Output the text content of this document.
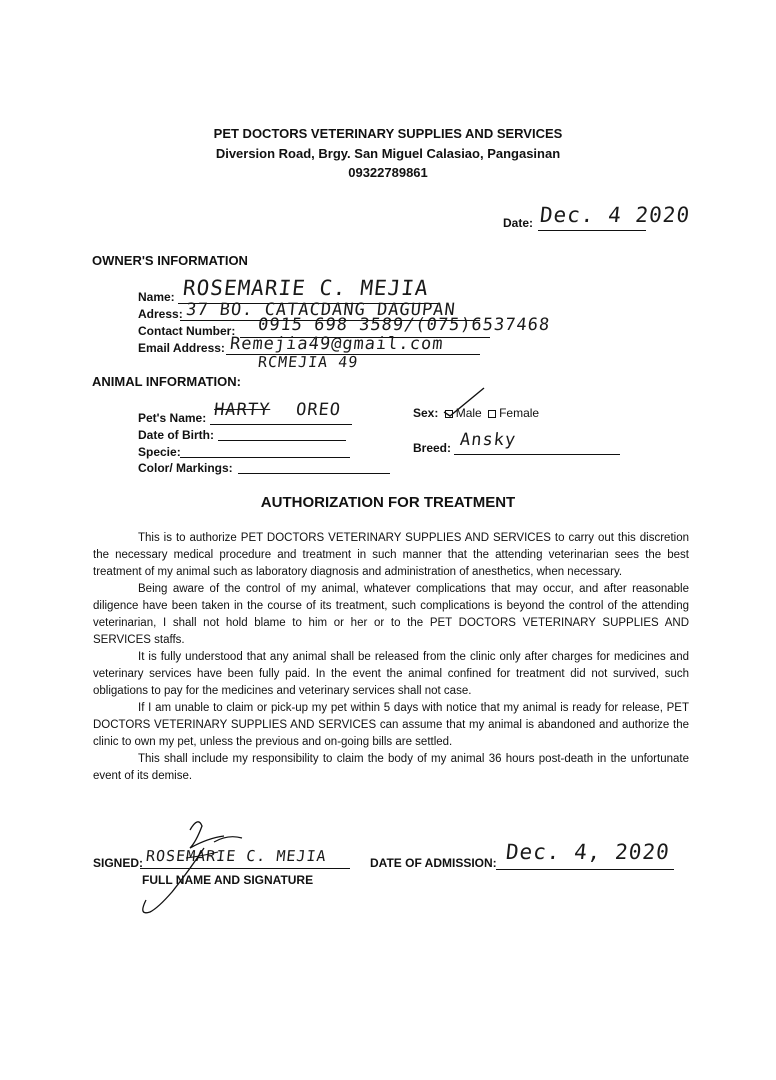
PET DOCTORS VETERINARY SUPPLIES AND SERVICES
Diversion Road, Brgy. San Miguel Calasiao, Pangasinan
09322789861
Date: Dec. 4 2020
OWNER'S INFORMATION
Name: ROSEMARIE C. MEJIA
Adress: 37 BO. CATACDANG DAGUPAN
Contact Number: 0915 698 3589/(075)6537468
Email Address: Remejia49@gmail.com
RCMEJIA 49
ANIMAL INFORMATION:
Pet's Name: HARTY OREO
Date of Birth:
Specie:
Color/ Markings:
Sex: Male Female
Breed: Ansky
AUTHORIZATION FOR TREATMENT

This is to authorize PET DOCTORS VETERINARY SUPPLIES AND SERVICES to carry out this discretion the necessary medical procedure and treatment in such manner that the attending veterinarian sees the best treatment of my animal such as laboratory diagnosis and administration of anesthetics, when necessary.

Being aware of the control of my animal, whatever complications that may occur, and after reasonable diligence have been taken in the course of its treatment, such complications is beyond the control of the attending veterinarian, I shall not hold blame to him or her or to the PET DOCTORS VETERINARY SUPPLIES AND SERVICES staffs.

It is fully understood that any animal shall be released from the clinic only after charges for medicines and veterinary services have been fully paid. In the event the animal confined for treatment did not survived, such obligations to pay for the medicines and veterinary services shall not case.

If I am unable to claim or pick-up my pet within 5 days with notice that my animal is ready for release, PET DOCTORS VETERINARY SUPPLIES AND SERVICES can assume that my animal is abandoned and authorize the clinic to own my pet, unless the previous and on-going bills are settled.

This shall include my responsibility to claim the body of my animal 36 hours post-death in the unfortunate event of its demise.

SIGNED: ROSEMARIE C. MEJIA
FULL NAME AND SIGNATURE
DATE OF ADMISSION: Dec. 4, 2020
